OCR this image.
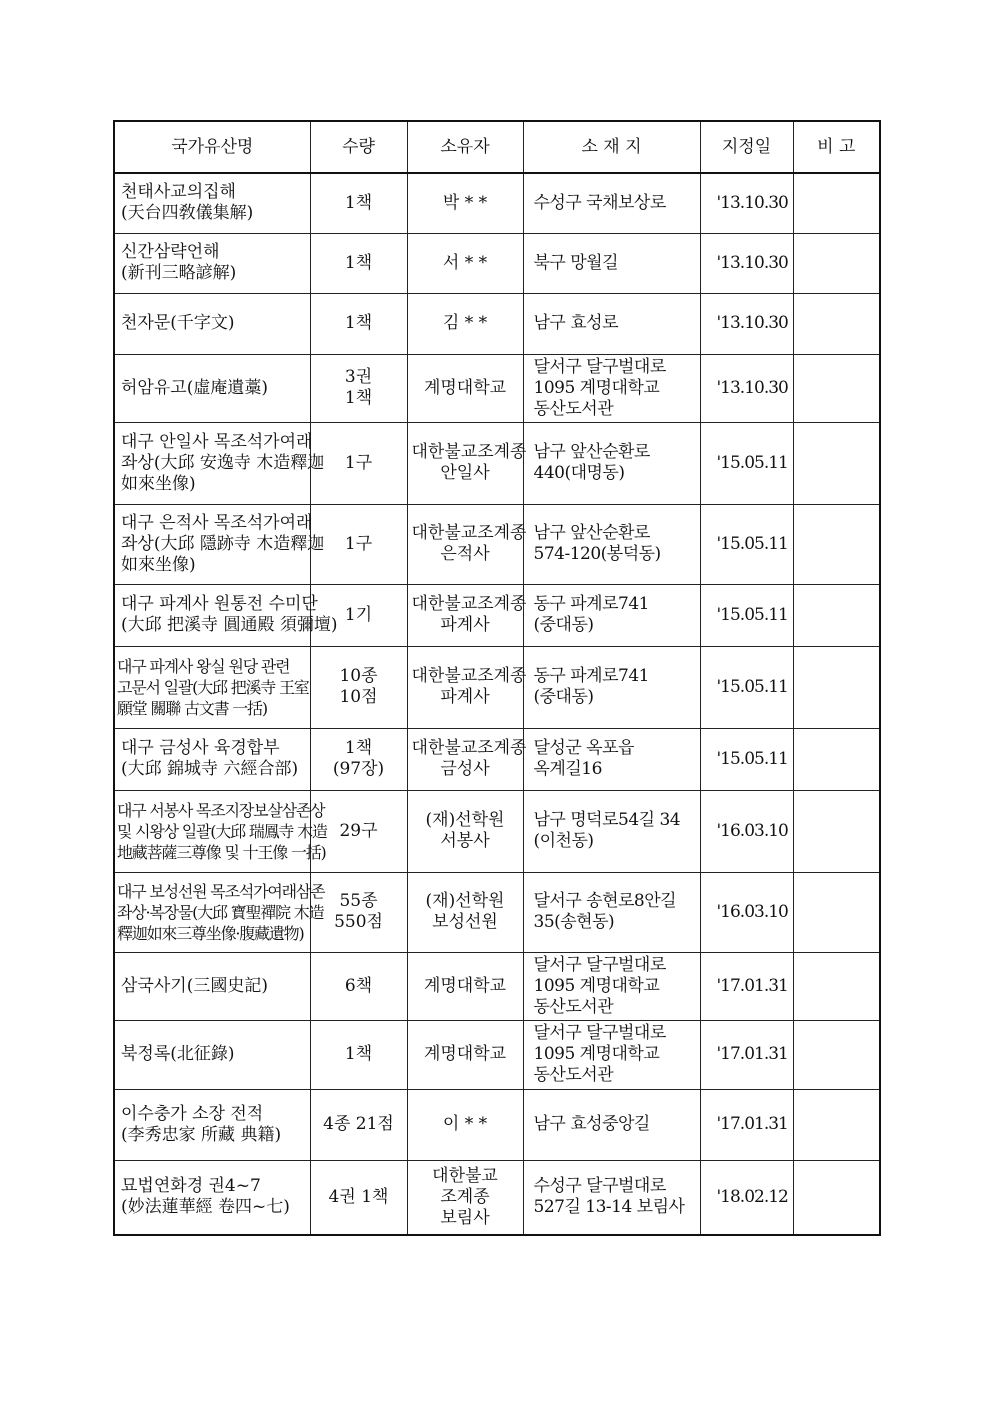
국가유산명	수량	소유자	소 재 지	지정일	비 고

천태사교의집해
(天台四敎儀集解)	1책	박 * *	수성구 국채보상로	'13.10.30	

신간삼략언해
(新刊三略諺解)	1책	서 * *	북구 망월길	'13.10.30	

천자문(千字文)	1책	김 * *	남구 효성로	'13.10.30	

허암유고(虛庵遺藁)	3권
1책	계명대학교	달서구 달구벌대로
1095 계명대학교
동산도서관	'13.10.30	

대구 안일사 목조석가여래
좌상(大邱 安逸寺 木造釋迦
如來坐像)	1구	대한불교조계종
안일사	남구 앞산순환로
440(대명동)	'15.05.11	

대구 은적사 목조석가여래
좌상(大邱 隱跡寺 木造釋迦
如來坐像)	1구	대한불교조계종
은적사	남구 앞산순환로
574-120(봉덕동)	'15.05.11	

대구 파계사 원통전 수미단
(大邱 把溪寺 圓通殿 須彌壇)	1기	대한불교조계종
파계사	동구 파계로741
(중대동)	'15.05.11	

대구 파계사 왕실 원당 관련
고문서 일괄(大邱 把溪寺 王室
願堂 關聯 古文書 一括)	10종
10점	대한불교조계종
파계사	동구 파계로741
(중대동)	'15.05.11	

대구 금성사 육경합부
(大邱 錦城寺 六經合部)	1책
(97장)	대한불교조계종
금성사	달성군 옥포읍
옥계길16	'15.05.11	

대구 서봉사 목조지장보살삼존상
및 시왕상 일괄(大邱 瑞鳳寺 木造
地藏菩薩三尊像 및 十王像 一括)	29구	(재)선학원
서봉사	남구 명덕로54길 34
(이천동)	'16.03.10	

대구 보성선원 목조석가여래삼존
좌상·복장물(大邱 寶聖禪院 木造
釋迦如來三尊坐像·腹藏遺物)	55종
550점	(재)선학원
보성선원	달서구 송현로8안길
35(송현동)	'16.03.10	

삼국사기(三國史記)	6책	계명대학교	달서구 달구벌대로
1095 계명대학교
동산도서관	'17.01.31	

북정록(北征錄)	1책	계명대학교	달서구 달구벌대로
1095 계명대학교
동산도서관	'17.01.31	

이수충가 소장 전적
(李秀忠家 所藏 典籍)	4종 21점	이 * *	남구 효성중앙길	'17.01.31	

묘법연화경 권4~7
(妙法蓮華經 卷四~七)	4권 1책	대한불교
조계종
보림사	수성구 달구벌대로
527길 13-14 보림사	'18.02.12	
